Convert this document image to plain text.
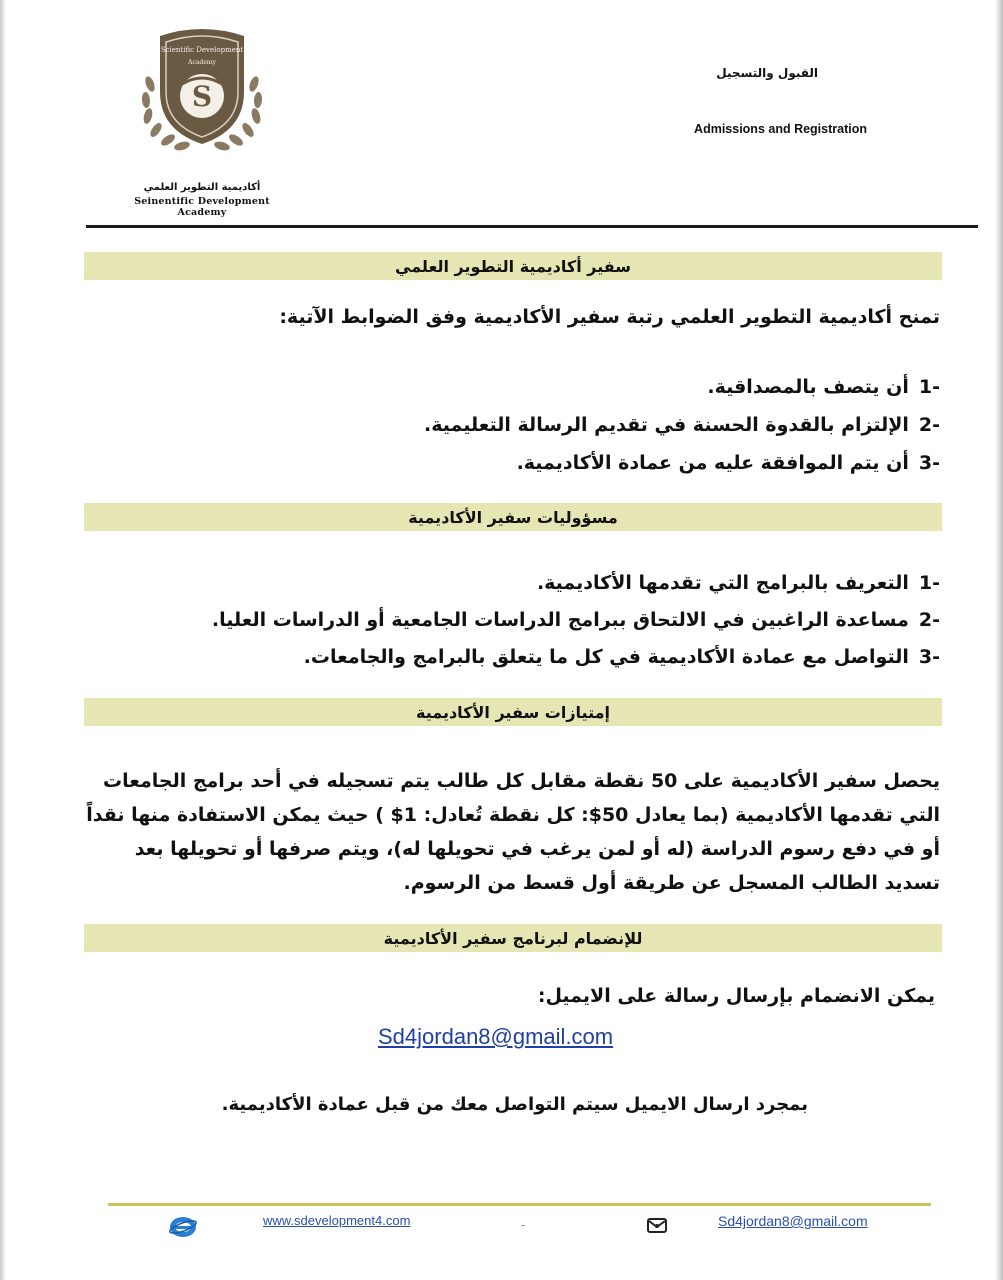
S
Scientific Development
Academy
أكاديمية التطوير العلمي
Seinentific Development Academy
القبول والتسجيل
Admissions and Registration
سفير أكاديمية التطوير العلمي
تمنح أكاديمية التطوير العلمي رتبة سفير الأكاديمية وفق الضوابط الآتية:
-1أن يتصف بالمصداقية.
-2الإلتزام بالقدوة الحسنة في تقديم الرسالة التعليمية.
-3أن يتم الموافقة عليه من عمادة الأكاديمية.
مسؤوليات سفير الأكاديمية
-1التعريف بالبرامج التي تقدمها الأكاديمية.
-2مساعدة الراغبين في الالتحاق ببرامج الدراسات الجامعية أو الدراسات العليا.
-3التواصل مع عمادة الأكاديمية في كل ما يتعلق بالبرامج والجامعات.
إمتيازات سفير الأكاديمية
يحصل سفير الأكاديمية على 50 نقطة مقابل كل طالب يتم تسجيله في أحد برامج الجامعات التي تقدمها الأكاديمية (بما يعادل 50$: كل نقطة تُعادل: 1$ ) حيث يمكن الاستفادة منها نقداً أو في دفع رسوم الدراسة (له أو لمن يرغب في تحويلها له)، ويتم صرفها أو تحويلها بعد تسديد الطالب المسجل عن طريقة أول قسط من الرسوم.
للإنضمام لبرنامج سفير الأكاديمية
يمكن الانضمام بإرسال رسالة على الايميل:
Sd4jordan8@gmail.com
بمجرد ارسال الايميل سيتم التواصل معك من قبل عمادة الأكاديمية.
www.sdevelopment4.com	-	Sd4jordan8@gmail.com
